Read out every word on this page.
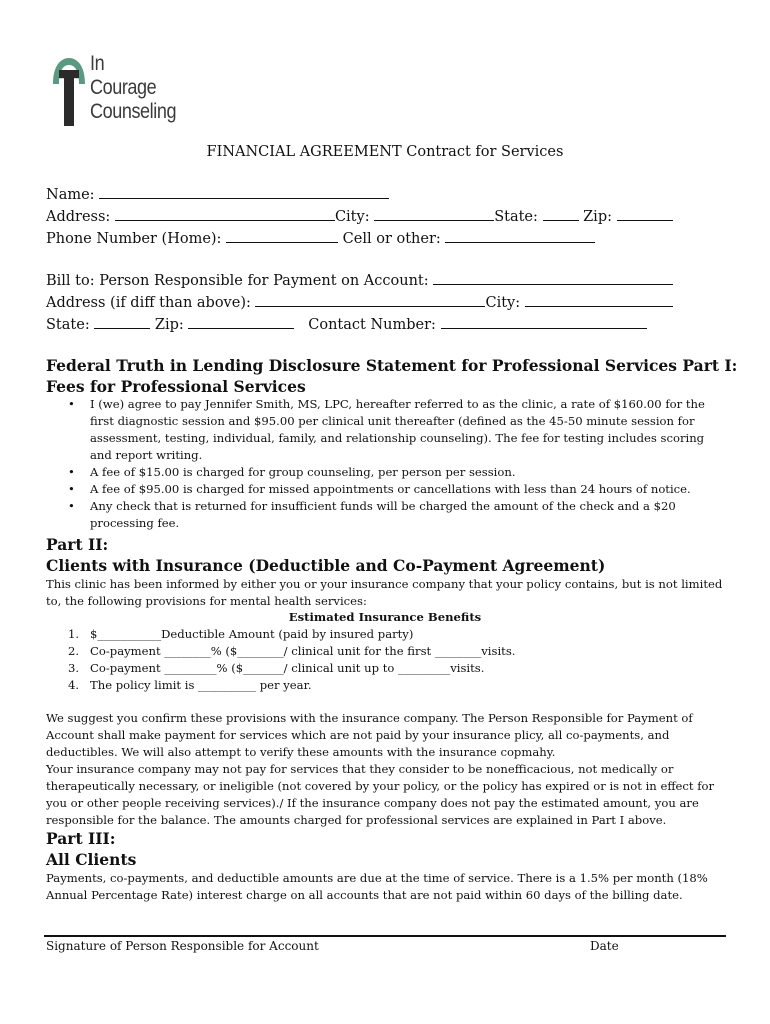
In
Courage
Counseling
FINANCIAL AGREEMENT Contract for Services
Name:
Address:	City:	State:	Zip:
Phone Number (Home):	Cell or other:
Bill to: Person Responsible for Payment on Account:
Address (if diff than above):	City:
State:	Zip:	Contact Number:
Federal Truth in Lending Disclosure Statement for Professional Services Part I:
Fees for Professional Services
• I (we) agree to pay Jennifer Smith, MS, LPC, hereafter referred to as the clinic, a rate of $160.00 for the first diagnostic session and $95.00 per clinical unit thereafter (defined as the 45-50 minute session for assessment, testing, individual, family, and relationship counseling). The fee for testing includes scoring and report writing.
• A fee of $15.00 is charged for group counseling, per person per session.
• A fee of $95.00 is charged for missed appointments or cancellations with less than 24 hours of notice.
• Any check that is returned for insufficient funds will be charged the amount of the check and a $20 processing fee.
Part II:
Clients with Insurance (Deductible and Co-Payment Agreement)
This clinic has been informed by either you or your insurance company that your policy contains, but is not limited to, the following provisions for mental health services:
Estimated Insurance Benefits
1. $___________Deductible Amount (paid by insured party)
2. Co-payment ________% ($________/ clinical unit for the first ________visits.
3. Co-payment _________% ($_______/ clinical unit up to _________visits.
4. The policy limit is __________ per year.
We suggest you confirm these provisions with the insurance company. The Person Responsible for Payment of Account shall make payment for services which are not paid by your insurance plicy, all co-payments, and deductibles. We will also attempt to verify these amounts with the insurance copmahy.
Your insurance company may not pay for services that they consider to be nonefficacious, not medically or therapeutically necessary, or ineligible (not covered by your policy, or the policy has expired or is not in effect for you or other people receiving services)./ If the insurance company does not pay the estimated amount, you are responsible for the balance. The amounts charged for professional services are explained in Part I above.
Part III:
All Clients
Payments, co-payments, and deductible amounts are due at the time of service. There is a 1.5% per month (18% Annual Percentage Rate) interest charge on all accounts that are not paid within 60 days of the billing date.
Signature of Person Responsible for Account	Date
